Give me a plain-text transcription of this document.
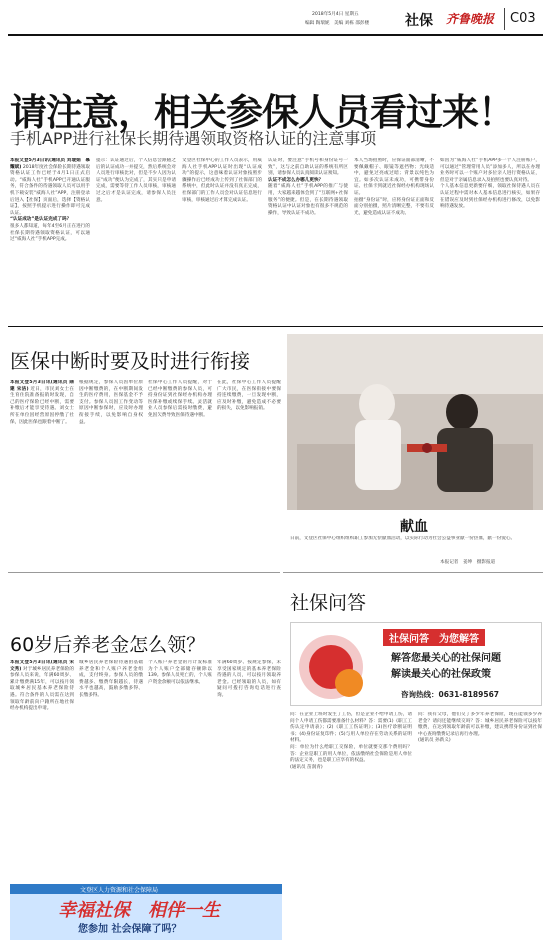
2018年5月4日 星期五
编辑 陶瑞妮　美编 刘栋 邵彭楼	社保 齐鲁晚报 C03
请注意，相关参保人员看过来！
手机APP进行社保长期待遇领取资格认证的注意事项
本报文登5月3日讯(通讯员 刘瑷娟　慕耀斌) 2018年度社会保险长期待遇领取资格认证工作已经于4月1日正式启动。“威海人社”手机APP已开通认证服务，符合条件的待遇领取人员可以用手机下载安装“威海人社”APP，注册登录后进入【社保】页面后，选择【资格认证】，按照手机提示进行操作即可完成认证。
“认证成功”是认证完成了吗？
很多人都知道，每年4至6月正在进行的社保长期待遇领取资格认证，可以通过“威海人社”手机APP完成。
提示：认证通过后，个人信息会跟随之后的认证成功一并提交，然后系统会对人员进行审核比对，但是不少人因为认证“成功”便认为完成了，其实只是申请完成，需要等待工作人员审核，审核通过之后才是认证完成，请参保人员注意。
文登区社保中心的工作人员表示，用威海人社手机APP认证时出现“认证成功”的提示，这意味着认证对象按照步骤操作后已经成功上传到了社保部门的系统中，但此时认证并没有真正完成，社保部门的工作人员会对认证信息进行审核，审核通过后才算完成认证。
认证时，要注意“手机号和身份证号一致”，这与之前自助认证的系统有所区别，请参保人员认真阅读认证须知。
认证不成怎么办哪儿更快？
随着“威海人社”手机APP的推广与使用，大家越来越体会到了“互联网+社保服务”的便捷。但是，在长期待遇领取资格认证中认证对象也有很多不规范的操作，导致认证不成功。
本人当场拍照时，应保证面部清晰，不要佩戴帽子、眼镜等遮挡物；光线适中，避免过亮或过暗；背景以纯色为宜。如多次认证未成功，可携带身份证、社保卡到就近社保经办机构现场认证。
拍摄“身份证”时，应将身份证正面和反面分别拍摄，照片清晰完整，不要有反光，避免造成认证不成功。
如因为“威海人社”手机APP多一个人注册账户，可以通过“管理常用人员”添加多人，所以在办理业务时可以一个账户对多位亲人进行资格认证，但是对于亲属信息录入及拍照也要认真对待。
个人基本信息更新要仔细，领取社保待遇人员在认证过程中需对本人基本信息进行核实，如果存在错误应及时到社保经办机构进行修改，以免影响待遇发放。
医保中断时要及时进行衔接
本报文登5月3日讯(通讯员 隋建 宋洁) 近日，市民刘女士在生育住院准备报销时发现，自己的医疗保险已经中断，需要补缴后才能享受待遇。刘女士所在单位因经营原因停缴了社保，因此医保也跟着中断了。
根据规定，参保人员因单位原因中断缴费的，在中断期间发生的医疗费用，医保基金不予支付。参保人员因工作变动等原因中断参保时，应及时办理衔接手续，以免影响自身权益。
社保中心工作人员提醒，对于已经中断缴费的参保人员，可持身份证到社保经办机构办理医保补缴或续保手续。灵活就业人员参保后需按时缴费，避免因欠费导致医保待遇中断。
在此，社保中心工作人员提醒广大市民，在医保衔接中要保持连续缴费，一旦发现中断，应及时补缴，避免造成不必要的损失，以免影响报销。
献血
日前，文登区社保中心组织组织职工参加无偿献血活动，以实际行动为社会公益事业献一份热血，献一份爱心。
本报记者　姜坤　摄影报道
60岁后养老金怎么领？
本报文登5月3日讯(通讯员 宋文秀) 对于城乡居民养老保险的参保人员来说，年满60周岁、累计缴费满15年，可以按月领取城乡居民基本养老保险待遇。符合条件的人员需在达到领取年龄前向户籍所在地社保经办机构提出申请。
城乡居民养老保险待遇由基础养老金和个人账户养老金组成，支付终身。参保人员的缴费越多、缴费年限越长，待遇水平也越高，鼓励多缴多得、长缴多得。
个人账户养老金的月计发标准为个人账户全部储存额除以139。参保人员死亡的，个人账户资金余额可以依法继承。
年满60周岁、按规定参保，未享受国家规定的基本养老保险待遇的人员，可以按月领取养老金。已经领取的人员，如有疑问可拨打咨询电话进行查询。
社保问答
社保问答　为您解答
解答您最关心的社保问题
解读最关心的社保政策
咨询热线：0631-8189567
问：在企业上班时发生了工伤，但是企业不给申请工伤，请问个人申请工伤都需要准备什么材料？答：需要(1)《职工工伤认定申请表》；(2)《职工工伤证明》；(3)医疗诊断证明书；(4)身份证复印件；(5)与用人单位存在劳动关系的证明材料。
问：单位为什么给职工交保险，单位就要交那个费用吗？答：企业是职工的用人单位，依法缴纳社会保险是用人单位的法定义务，也是职工应享有的权益。
(通讯员 苗润青)
问：我有父母，他们交了多少年养老保险，现在能领多少养老金？请问还能继续交吗？答：城乡居民养老保险可以按年缴费，在达到领取年龄前可以补缴，建议携带身份证到社保中心查询缴费记录后再行办理。
(通讯员 孙新义)
文登区人力资源和社会保障局
幸福社保　相伴一生
您参加 社会保障了吗？
